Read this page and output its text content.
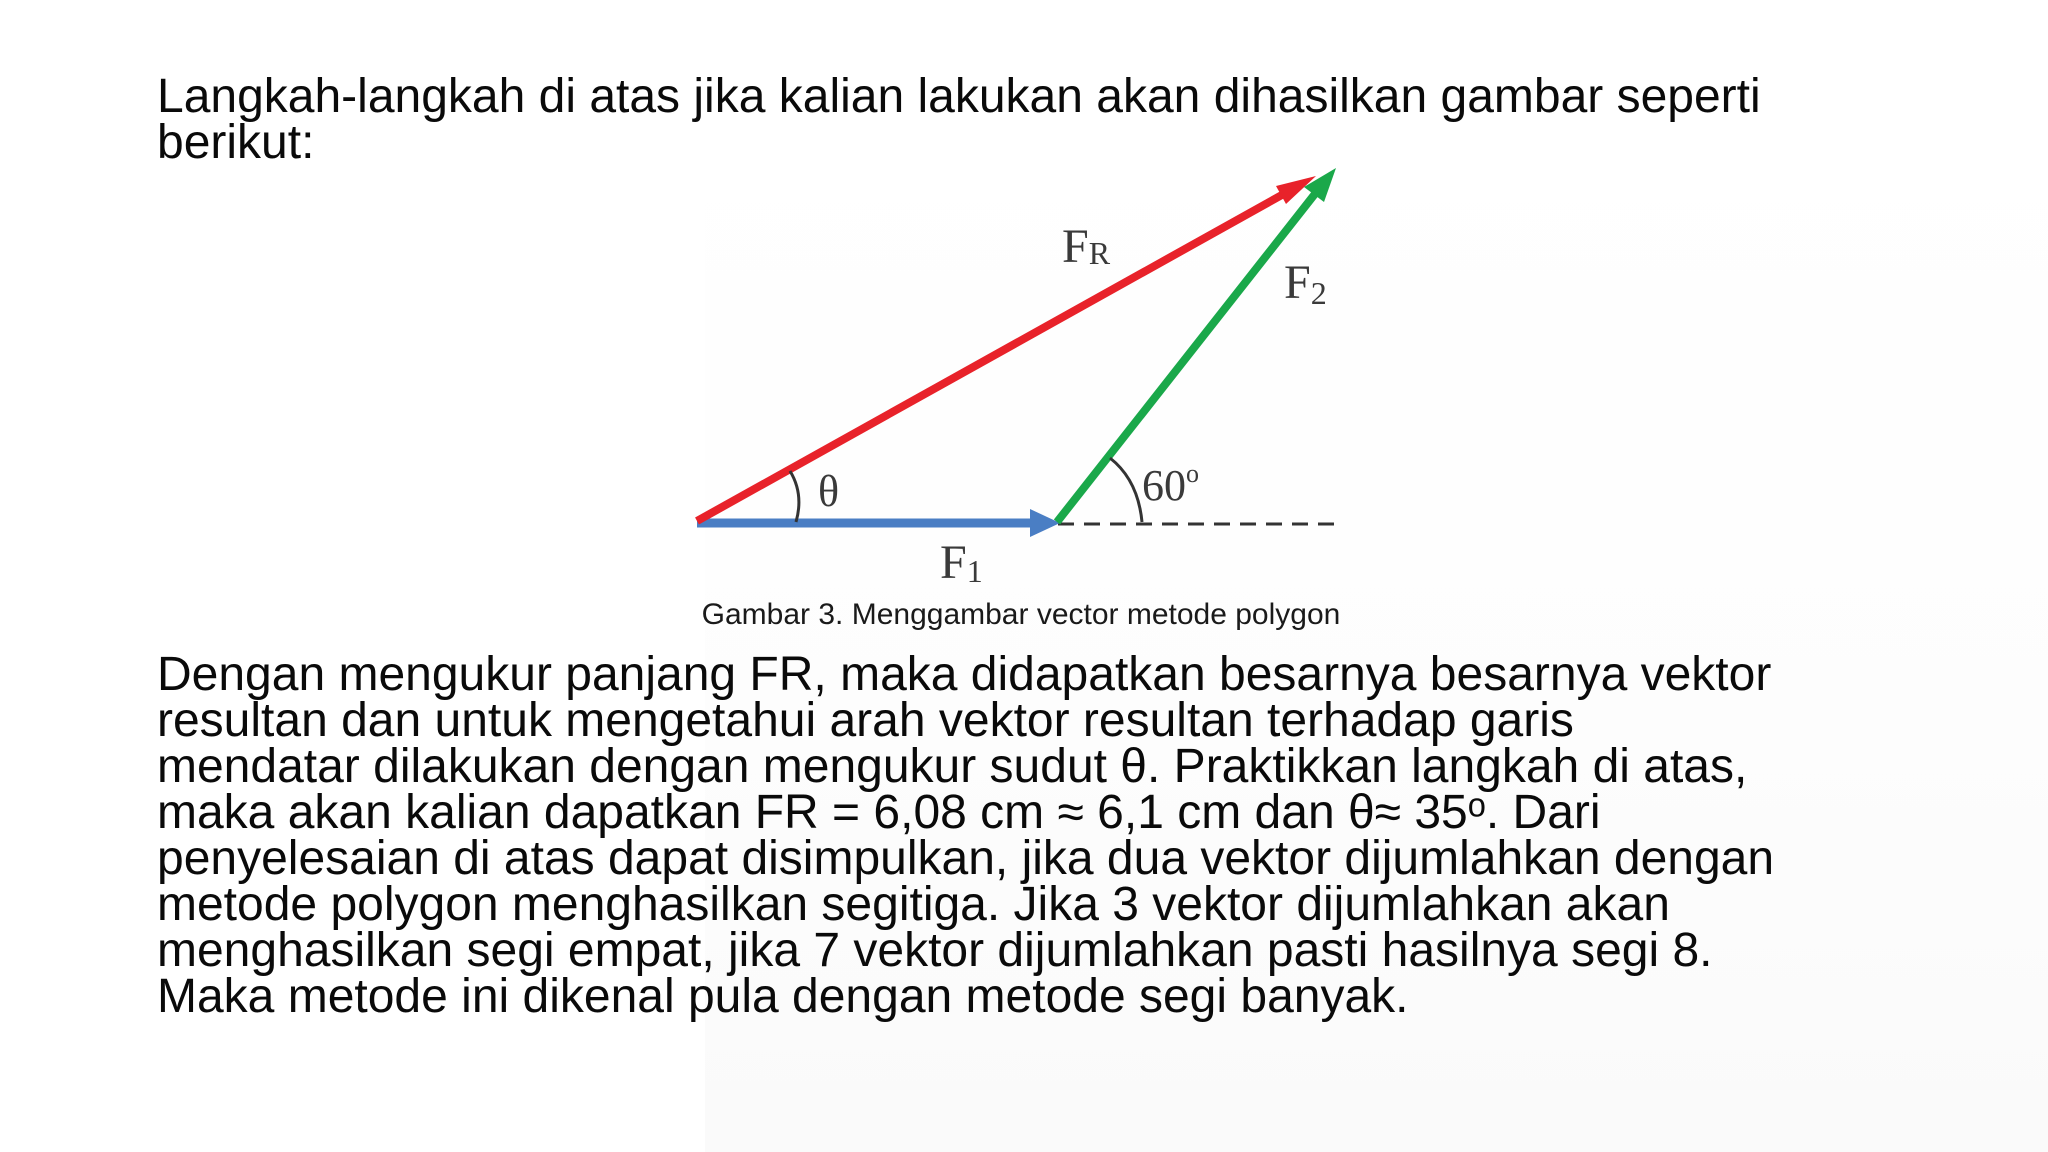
Langkah-langkah di atas jika kalian lakukan akan dihasilkan gambar seperti

berikut:

FR
F2
θ	60$^o$
F1
Gambar 3. Menggambar vector metode polygon

Dengan mengukur panjang FR, maka didapatkan besarnya besarnya vektor

resultan dan untuk mengetahui arah vektor resultan terhadap garis

mendatar dilakukan dengan mengukur sudut θ. Praktikkan langkah di atas,

maka akan kalian dapatkan FR = 6,08 cm ≈ 6,1 cm dan θ≈ 35ᵒ. Dari

penyelesaian di atas dapat disimpulkan, jika dua vektor dijumlahkan dengan

metode polygon menghasilkan segitiga. Jika 3 vektor dijumlahkan akan

menghasilkan segi empat, jika 7 vektor dijumlahkan pasti hasilnya segi 8.

Maka metode ini dikenal pula dengan metode segi banyak.
